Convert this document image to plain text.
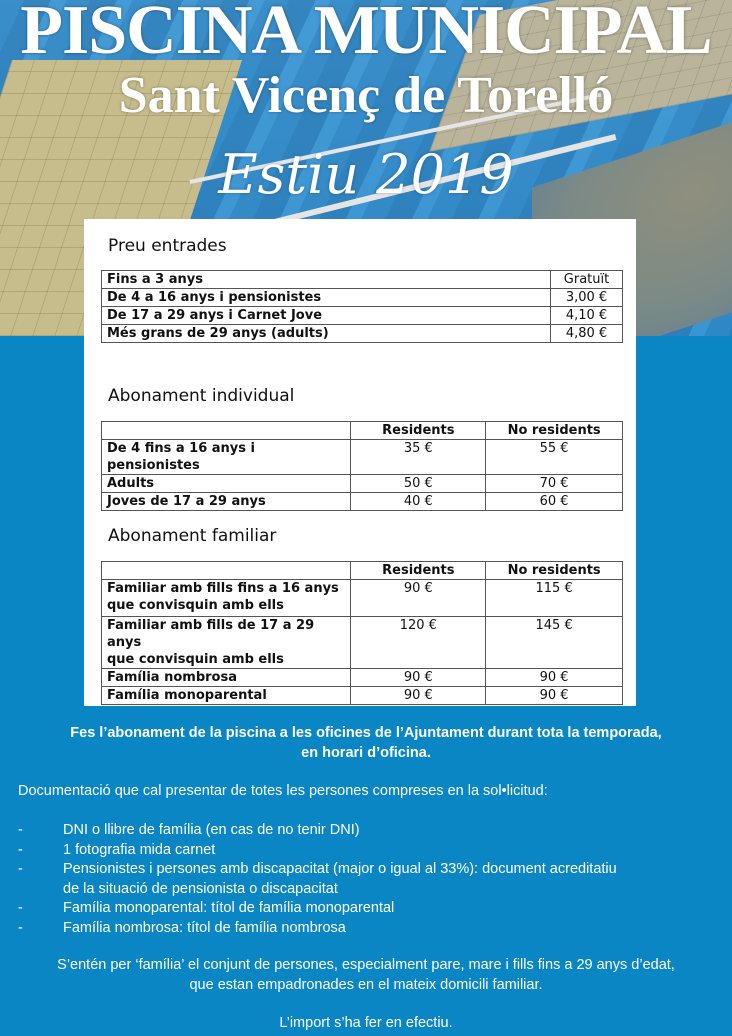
PISCINA MUNICIPAL
Sant Vicenç de Torelló
Estiu 2019
Preu entrades
Fins a 3 anys	Gratuït
De 4 a 16 anys i pensionistes	3,00 €
De 17 a 29 anys i Carnet Jove	4,10 €
Més grans de 29 anys (adults)	4,80 €
Abonament individual
	Residents	No residents
De 4 fins a 16 anys i pensionistes	35 €	55 €
Adults	50 €	70 €
Joves de 17 a 29 anys	40 €	60 €
Abonament familiar
	Residents	No residents

Familiar amb fills fins a 16 anys
que convisquin amb ells	90 €	115 €

Familiar amb fills de 17 a 29 anys
que convisquin amb ells	120 €	145 €
Família nombrosa	90 €	90 €
Família monoparental	90 €	90 €
Fes l’abonament de la piscina a les oficines de l’Ajuntament durant tota la temporada,
en horari d’oficina.
Documentació que cal presentar de totes les persones compreses en la sol•licitud:
-	DNI o llibre de família (en cas de no tenir DNI)
-	1 fotografia mida carnet
-	Pensionistes i persones amb discapacitat (major o igual al 33%): document acreditatiu
de la situació de pensionista o discapacitat
-	Família monoparental: títol de família monoparental
-	Família nombrosa: títol de família nombrosa
S’entén per ‘família’ el conjunt de persones, especialment pare, mare i fills fins a 29 anys d’edat,
que estan empadronades en el mateix domicili familiar.
L’import s’ha fer en efectiu.
